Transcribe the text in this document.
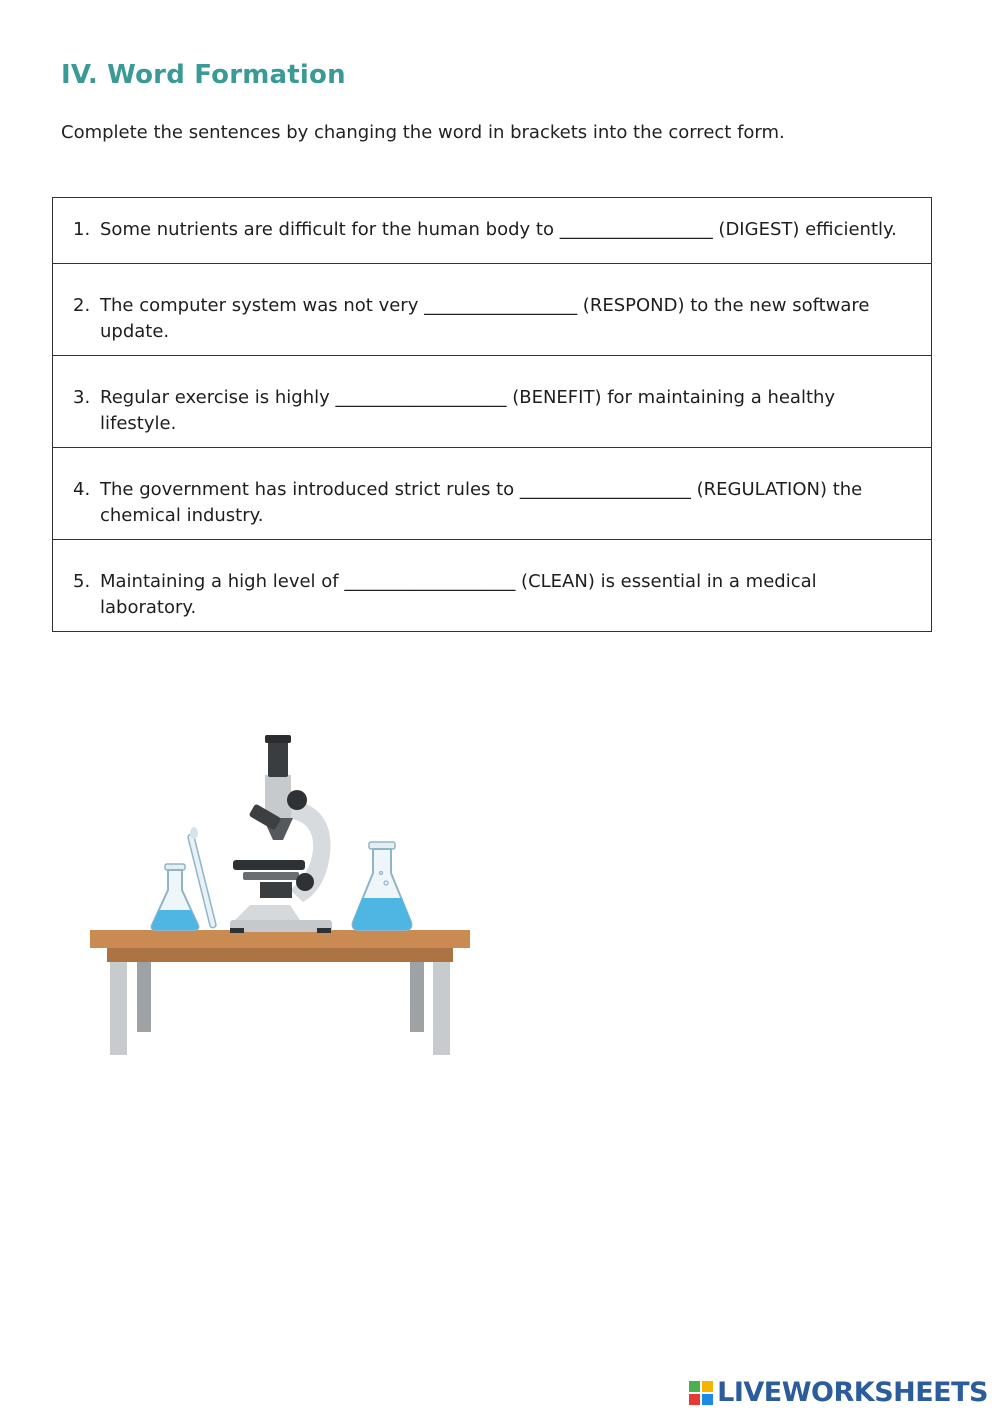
IV. Word Formation

Complete the sentences by changing the word in brackets into the correct form.

1. Some nutrients are difficult for the human body to _________________ (DIGEST) efficiently.

2. The computer system was not very _________________ (RESPOND) to the new software update.

3. Regular exercise is highly ___________________ (BENEFIT) for maintaining a healthy lifestyle.

4. The government has introduced strict rules to ___________________ (REGULATION) the chemical industry.

5. Maintaining a high level of ___________________ (CLEAN) is essential in a medical laboratory.
LIVEWORKSHEETS
